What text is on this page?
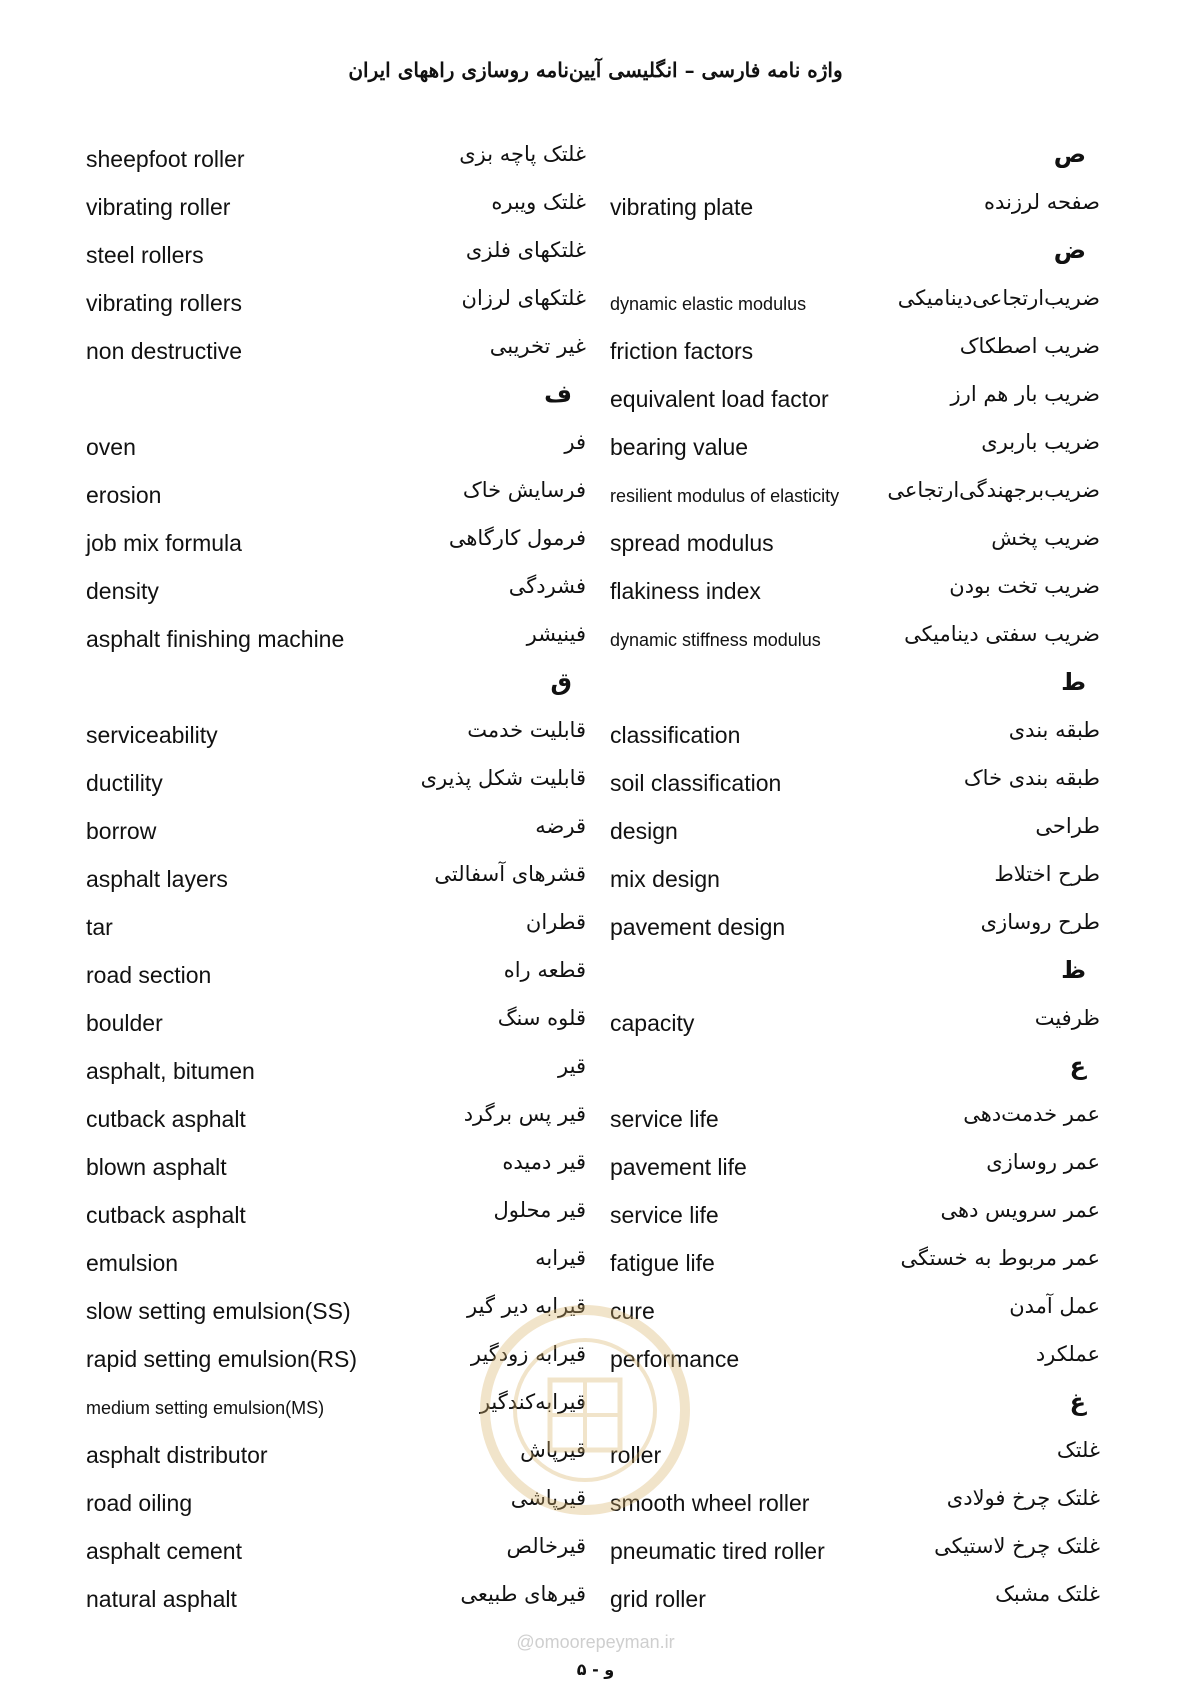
واژه نامه فارسی – انگلیسی آیین‌نامه روسازی راههای ایران
sheepfoot roller	غلتک پاچه بزی
vibrating roller	غلتک ویبره
steel rollers	غلتکهای فلزی
vibrating rollers	غلتکهای لرزان
non destructive	غیر تخریبی
ف
oven	فر
erosion	فرسایش خاک
job mix formula	فرمول کارگاهی
density	فشردگی
asphalt finishing machine	فینیشر
ق
serviceability	قابلیت خدمت
ductility	قابلیت شکل پذیری
borrow	قرضه
asphalt layers	قشرهای آسفالتی
tar	قطران
road section	قطعه راه
boulder	قلوه سنگ
asphalt, bitumen	قیر
cutback asphalt	قیر پس برگرد
blown asphalt	قیر دمیده
cutback asphalt	قیر محلول
emulsion	قیرابه
slow setting emulsion(SS)	قیرابه دیر گیر
rapid setting emulsion(RS)	قیرابه زودگیر
medium setting emulsion(MS)	قیرابه‌کندگیر
asphalt distributor	قیرپاش
road oiling	قیرپاشی
asphalt cement	قیرخالص
natural asphalt	قیرهای طبیعی
ص
vibrating plate	صفحه لرزنده
ض
dynamic elastic modulus	ضریب‌ارتجاعی‌دینامیکی
friction factors	ضریب اصطکاک
equivalent load factor	ضریب بار هم ارز
bearing value	ضریب باربری
resilient modulus of elasticity ضریب‌برجهندگی‌ارتجاعی
spread modulus	ضریب پخش
flakiness index	ضریب تخت بودن
dynamic stiffness modulus	ضریب سفتی دینامیکی
ط
classification	طبقه بندی
soil classification	طبقه بندی خاک
design	طراحی
mix design	طرح اختلاط
pavement design	طرح روسازی
ظ
capacity	ظرفیت
ع
service life	عمر خدمت‌دهی
pavement life	عمر روسازی
service life	عمر سرویس دهی
fatigue life	عمر مربوط به خستگی
cure	عمل آمدن
performance	عملکرد
غ
roller	غلتک
smooth wheel roller	غلتک چرخ فولادی
pneumatic tired roller	غلتک چرخ لاستیکی
grid roller	غلتک مشبک
@omoorepeyman.ir
و - ۵
